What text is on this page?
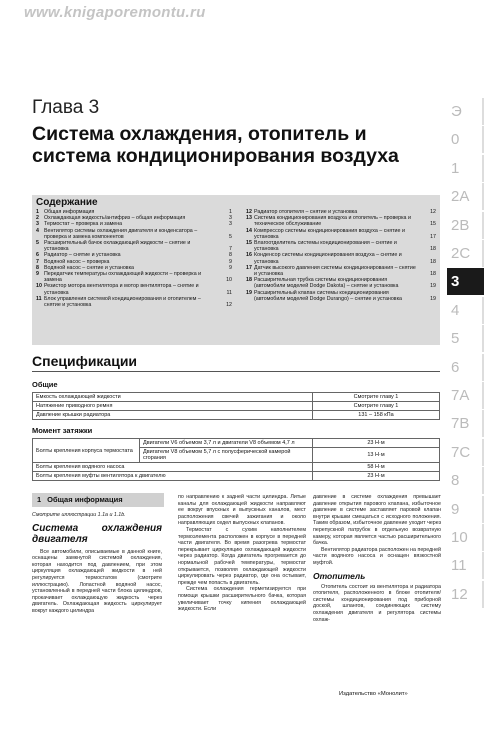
www.knigaporemontu.ru
Глава 3
Система охлаждения, отопитель и система кондиционирования воздуха
Содержание
1 Общая информация	1
2 Охлаждающая жидкость/антифриз – общая информация	3
3 Термостат – проверка и замена	3
4 Вентилятор системы охлаждения двигателя и конденсатора – проверка и замена компонентов	5
5 Расширительный бачок охлаждающей жидкости – снятие и установка	7
6 Радиатор – снятие и установка	8
7 Водяной насос – проверка	9
8 Водяной насос – снятие и установка	9
9 Передатчик температуры охлаждающей жидкости – проверка и замена	10
10 Резистор мотора вентилятора и мотор вентилятора – снятие и установка	11
11 Блок управления системой кондиционирования и отопителем – снятие и установка	12
12 Радиатор отопителя – снятие и установка	12
13 Система кондиционирования воздуха и отопитель – проверка и техническое обслуживание	15
14 Компрессор системы кондиционирования воздуха – снятие и установка	17
15 Влагоотделитель системы кондиционирования – снятие и установка	18
16 Конденсор системы кондиционирования воздуха – снятие и установка	18
17 Датчик высокого давления системы кондиционирования – снятие и установка	18
18 Расширительная трубка системы кондиционирования (автомобили моделей Dodge Dakota) – снятие и установка	19
19 Расширительный клапан системы кондиционирования (автомобили моделей Dodge Durango) – снятие и установка	19
Спецификации
Общие
Емкость охлаждающей жидкости	Смотрите главу 1
Натяжение приводного ремня	Смотрите главу 1
Давление крышки радиатора	131 – 158 кПа
Момент затяжки
Болты крепления корпуса термостата	Двигатели V6 объемом 3,7 л и двигатели V8 объемом 4,7 л	23 Н·м
	Двигатели V8 объемом 5,7 л с полусферической камерой сгорания	13 Н·м
Болты крепления водяного насоса		58 Н·м
Болты крепления муфты вентилятора к двигателю		23 Н·м
1 Общая информация
Смотрите иллюстрации 1.1а и 1.1b.
Система охлаждения двигателя

Все автомобили, описываемые в данной книге, оснащены замкнутой системой охлаждения, которая находится под давлением, при этом циркуляция охлаждающей жидкости в ней регулируется термостатом (смотрите иллюстрацию). Лопастной водяной насос, установленный в передней части блока цилиндров, прокачивает охлаждающую жидкость через двигатель. Охлаждающая жидкость циркулирует вокруг каждого цилиндра

по направлению к задней части цилиндра. Литые каналы для охлаждающей жидкости направляют ее вокруг впускных и выпускных каналов, мест расположения свечей зажигания и около направляющих седел выпускных клапанов.

Термостат с сухим наполнителем термоэлемента расположен в корпусе в передней части двигателя. Во время разогрева термостат перекрывает циркуляцию охлаждающей жидкости через радиатор. Когда двигатель прогревается до нормальной рабочей температуры, термостат открывается, позволяя охлаждающей жидкости циркулировать через радиатор, где она остывает, прежде чем попасть в двигатель.

Система охлаждения герметизируется при помощи крышки расширительного бачка, которая увеличивает точку кипения охлаждающей жидкости. Если

давление в системе охлаждения превышает давление открытия парового клапана, избыточное давление в системе заставляет паровой клапан внутри крышки смещаться с исходного положения. Таким образом, избыточное давление уходит через перепускной патрубок в отдельную возвратную камеру, которая является частью расширительного бачка.

Вентилятор радиатора расположен на передней части водяного насоса и оснащен вязкостной муфтой.

Отопитель

Отопитель состоит из вентилятора и радиатора отопителя, расположенного в блоке отопителя/системы кондиционирования под приборной доской, шлангов, соединяющих систему охлаждения двигателя и регулятора системы охлаж-

Издательство «Монолит»
Э
0
1
2A
2B
2C
3
4
5
6
7A
7B
7C
8
9
10
11
12
